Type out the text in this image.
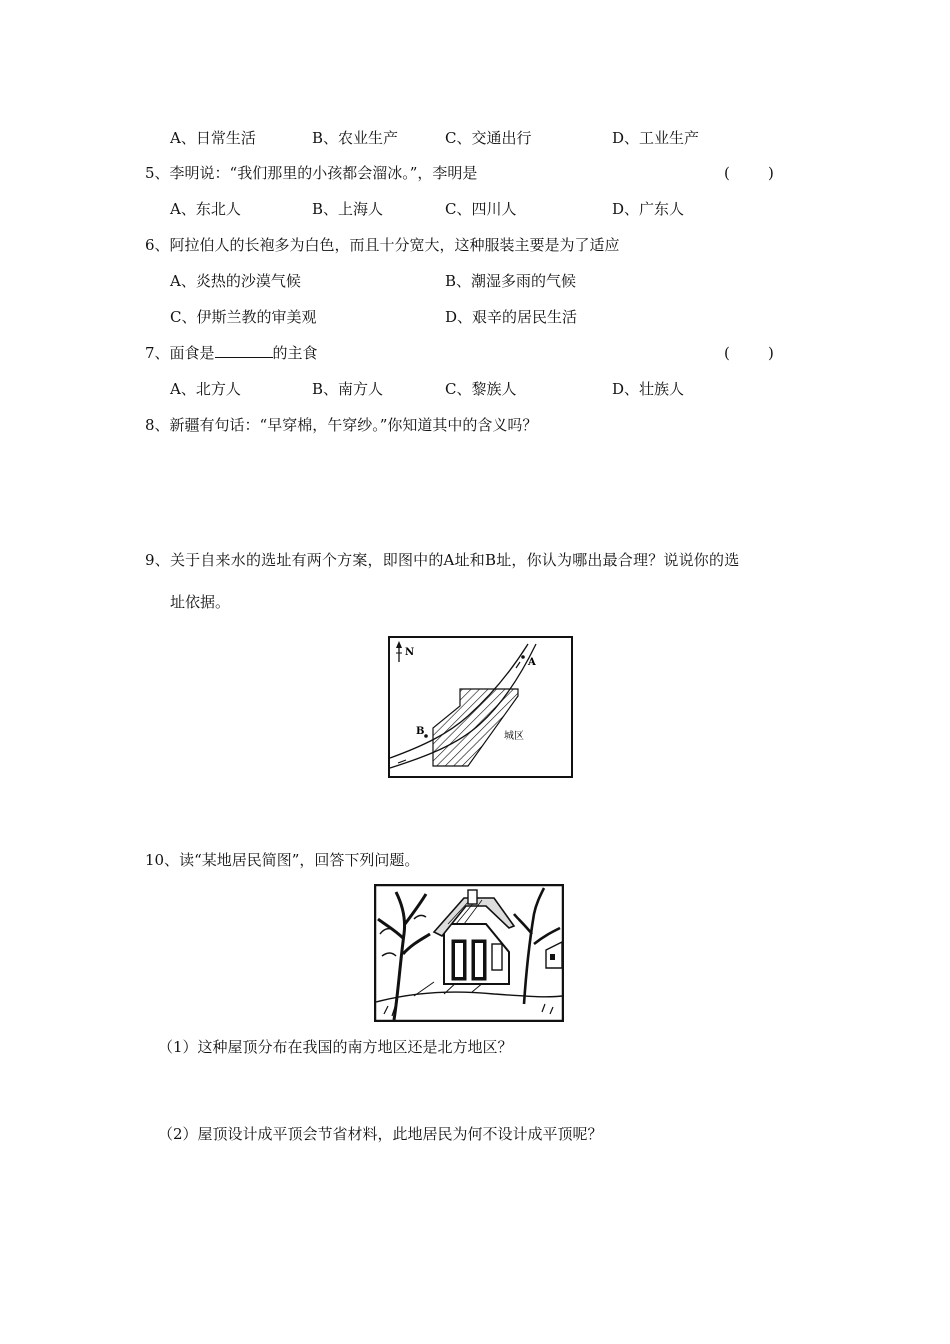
A、日常生活	B、农业生产	C、交通出行	D、工业生产
5、李明说：“我们那里的小孩都会溜冰。”，李明是	(        )
A、东北人	B、上海人	C、四川人	D、广东人
6、阿拉伯人的长袍多为白色，而且十分宽大，这种服装主要是为了适应
A、炎热的沙漠气候	B、潮湿多雨的气候
C、伊斯兰教的审美观	D、艰辛的居民生活
7、面食是	的主食	(        )
A、北方人	B、南方人	C、黎族人	D、壮族人
8、新疆有句话：“早穿棉，午穿纱。”你知道其中的含义吗？
9、关于自来水的选址有两个方案，即图中的A址和B址，你认为哪出最合理？说说你的选
址依据。
N
A
B	城区
10、读“某地居民简图”，回答下列问题。
（1）这种屋顶分布在我国的南方地区还是北方地区？
（2）屋顶设计成平顶会节省材料，此地居民为何不设计成平顶呢？
